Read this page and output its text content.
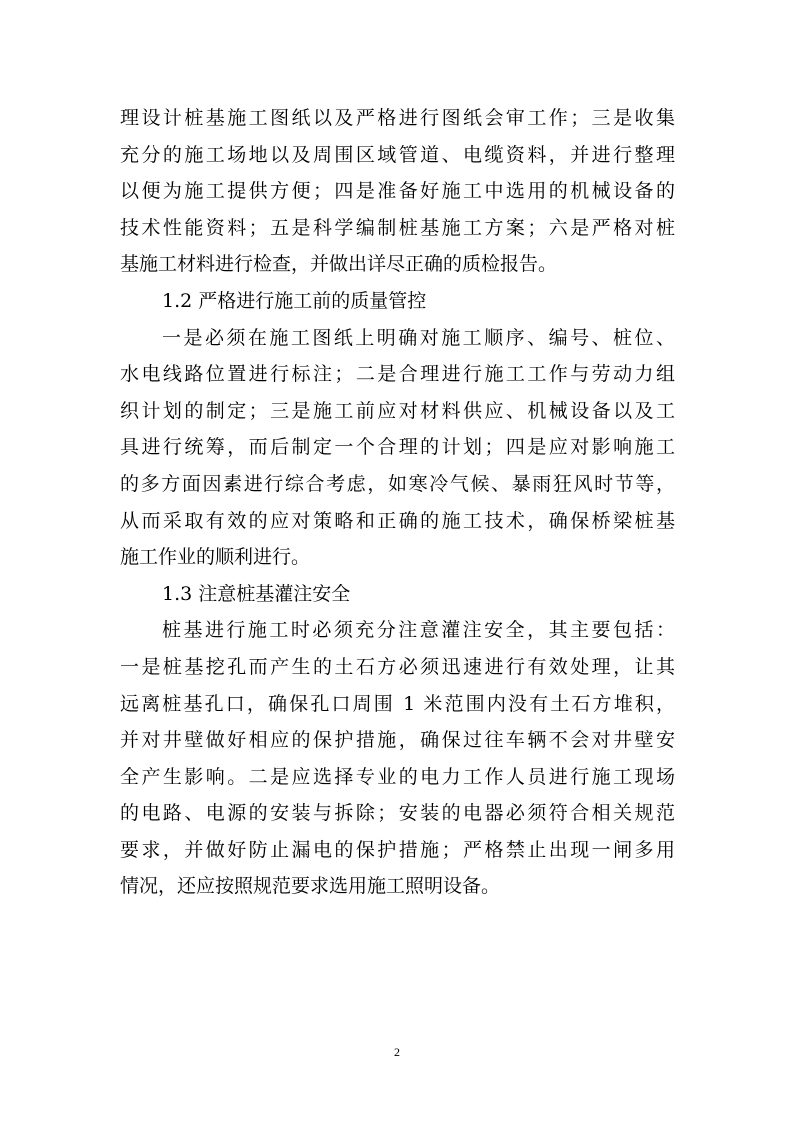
理设计桩基施工图纸以及严格进行图纸会审工作；三是收集
充分的施工场地以及周围区域管道、电缆资料，并进行整理
以便为施工提供方便；四是准备好施工中选用的机械设备的
技术性能资料；五是科学编制桩基施工方案；六是严格对桩
基施工材料进行检查，并做出详尽正确的质检报告。
1.2 严格进行施工前的质量管控
一是必须在施工图纸上明确对施工顺序、编号、桩位、
水电线路位置进行标注；二是合理进行施工工作与劳动力组
织计划的制定；三是施工前应对材料供应、机械设备以及工
具进行统筹，而后制定一个合理的计划；四是应对影响施工
的多方面因素进行综合考虑，如寒冷气候、暴雨狂风时节等，
从而采取有效的应对策略和正确的施工技术，确保桥梁桩基
施工作业的顺利进行。
1.3 注意桩基灌注安全
桩基进行施工时必须充分注意灌注安全，其主要包括：
一是桩基挖孔而产生的土石方必须迅速进行有效处理，让其
远离桩基孔口，确保孔口周围 1 米范围内没有土石方堆积，
并对井壁做好相应的保护措施，确保过往车辆不会对井壁安
全产生影响。二是应选择专业的电力工作人员进行施工现场
的电路、电源的安装与拆除；安装的电器必须符合相关规范
要求，并做好防止漏电的保护措施；严格禁止出现一闸多用
情况，还应按照规范要求选用施工照明设备。
2
